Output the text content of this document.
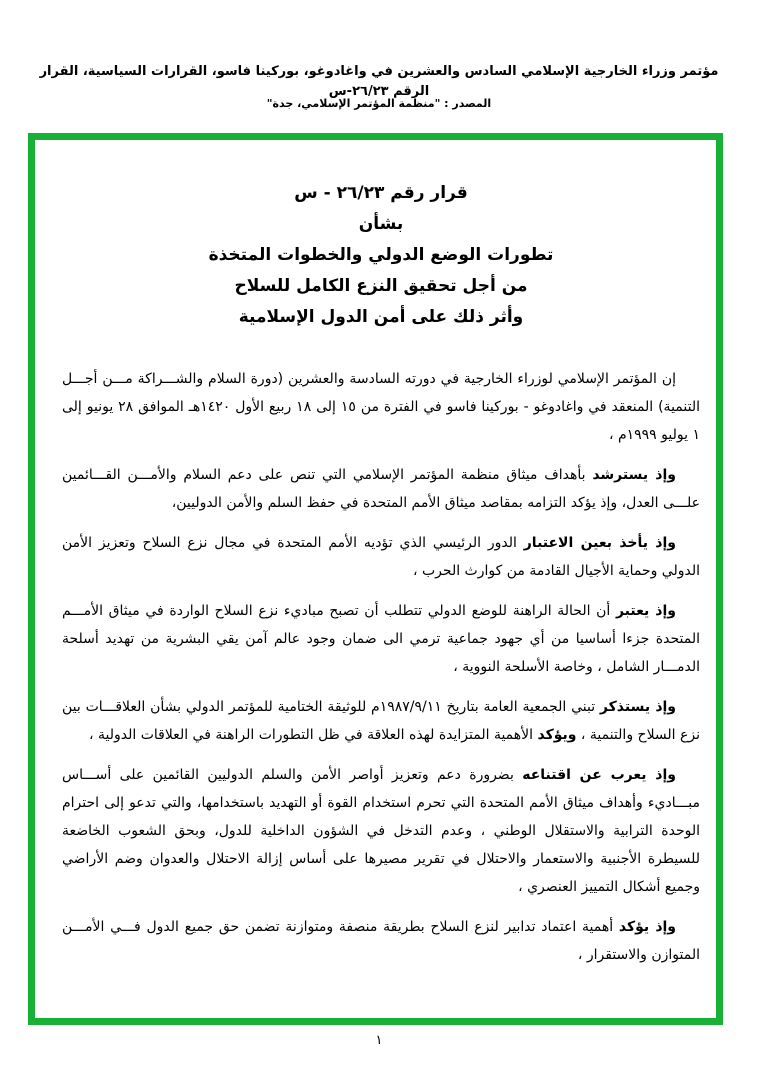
مؤتمر وزراء الخارجية الإسلامي السادس والعشرين في واغادوغو، بوركينا فاسو، القرارات السياسية، القرار الرقم ٢٦/٢٣-س
المصدر : "منظمة المؤتمر الإسلامي، جدة"
قرار رقم ٢٦/٢٣ - س
بشأن
تطورات الوضع الدولي والخطوات المتخذة
من أجل تحقيق النزع الكامل للسلاح
وأثر ذلك على أمن الدول الإسلامية

إن المؤتمر الإسلامي لوزراء الخارجية في دورته السادسة والعشرين (دورة السلام والشـــراكة مـــن أجـــل التنمية) المنعقد في واغادوغو - بوركينا فاسو في الفترة من ١٥ إلى ١٨ ربيع الأول ١٤٢٠هـ الموافق ٢٨ يونيو إلى ١ يوليو ١٩٩٩م ،

وإذ يسترشد بأهداف ميثاق منظمة المؤتمر الإسلامي التي تنص على دعم السلام والأمـــن القـــائمين علـــى العدل، وإذ يؤكد التزامه بمقاصد ميثاق الأمم المتحدة في حفظ السلم والأمن الدوليين،

وإذ يأخذ بعين الاعتبار الدور الرئيسي الذي تؤديه الأمم المتحدة في مجال نزع السلاح وتعزيز الأمن الدولي وحماية الأجيال القادمة من كوارث الحرب ،

وإذ يعتبر أن الحالة الراهنة للوضع الدولي تتطلب أن تصبح مباديء نزع السلاح الواردة في ميثاق الأمـــم المتحدة جزءا أساسيا من أي جهود جماعية ترمي الى ضمان وجود عالم آمن يقي البشرية من تهديد أسلحة الدمـــار الشامل ، وخاصة الأسلحة النووية ،

وإذ يستذكر تبني الجمعية العامة بتاريخ ١٩٨٧/٩/١١م للوثيقة الختامية للمؤتمر الدولي بشأن العلاقـــات بين نزع السلاح والتنمية ، ويؤكد الأهمية المتزايدة لهذه العلاقة في ظل التطورات الراهنة في العلاقات الدولية ،

وإذ يعرب عن اقتناعه بضرورة دعم وتعزيز أواصر الأمن والسلم الدوليين القائمين على أســـاس مبـــاديء وأهداف ميثاق الأمم المتحدة التي تحرم استخدام القوة أو التهديد باستخدامها، والتي تدعو إلى احترام الوحدة الترابية والاستقلال الوطني ، وعدم التدخل في الشؤون الداخلية للدول، وبحق الشعوب الخاضعة للسيطرة الأجنبية والاستعمار والاحتلال في تقرير مصيرها على أساس إزالة الاحتلال والعدوان وضم الأراضي وجميع أشكال التمييز العنصري ،

وإذ يؤكد أهمية اعتماد تدابير لنزع السلاح بطريقة منصفة ومتوازنة تضمن حق جميع الدول فـــي الأمـــن المتوازن والاستقرار ،

١
